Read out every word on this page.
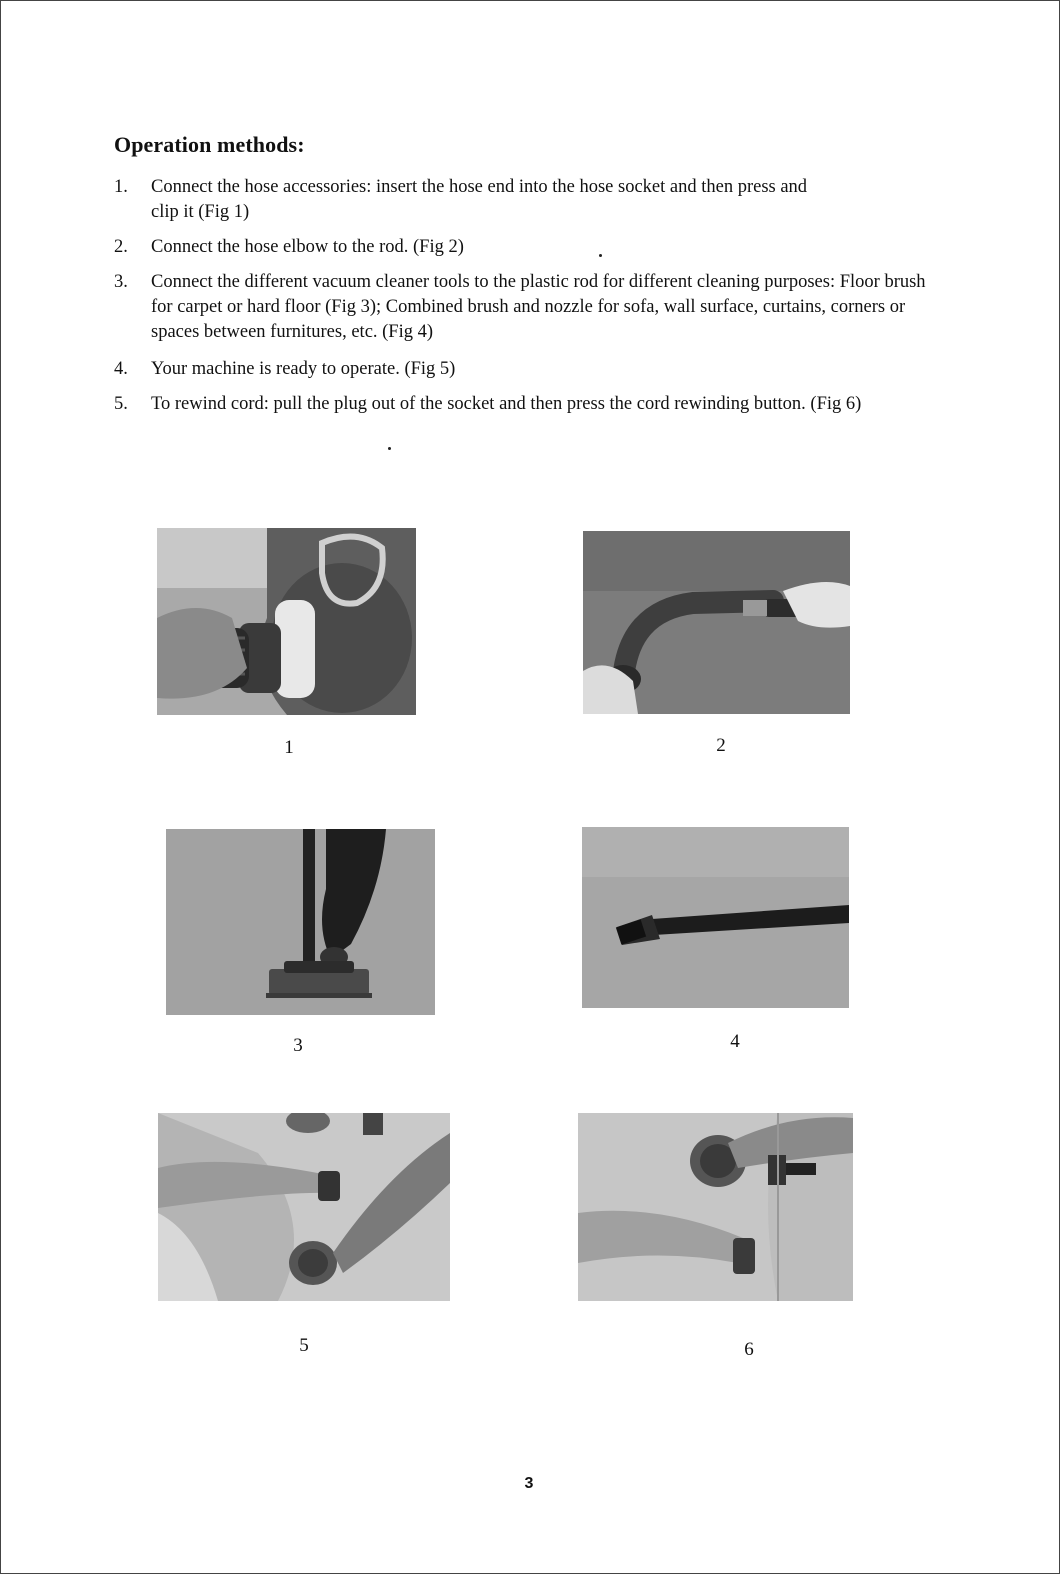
Operation methods:
1. Connect the hose accessories: insert the hose end into the hose socket and then press and clip it (Fig 1)
2. Connect the hose elbow to the rod. (Fig 2)
3. Connect the different vacuum cleaner tools to the plastic rod for different cleaning purposes: Floor brush for carpet or hard floor (Fig 3); Combined brush and nozzle for sofa, wall surface, curtains, corners or spaces between furnitures, etc. (Fig 4)
4. Your machine is ready to operate. (Fig 5)
5. To rewind cord: pull the plug out of the socket and then press the cord rewinding button. (Fig 6)
1	2
3	4
5	6
3
